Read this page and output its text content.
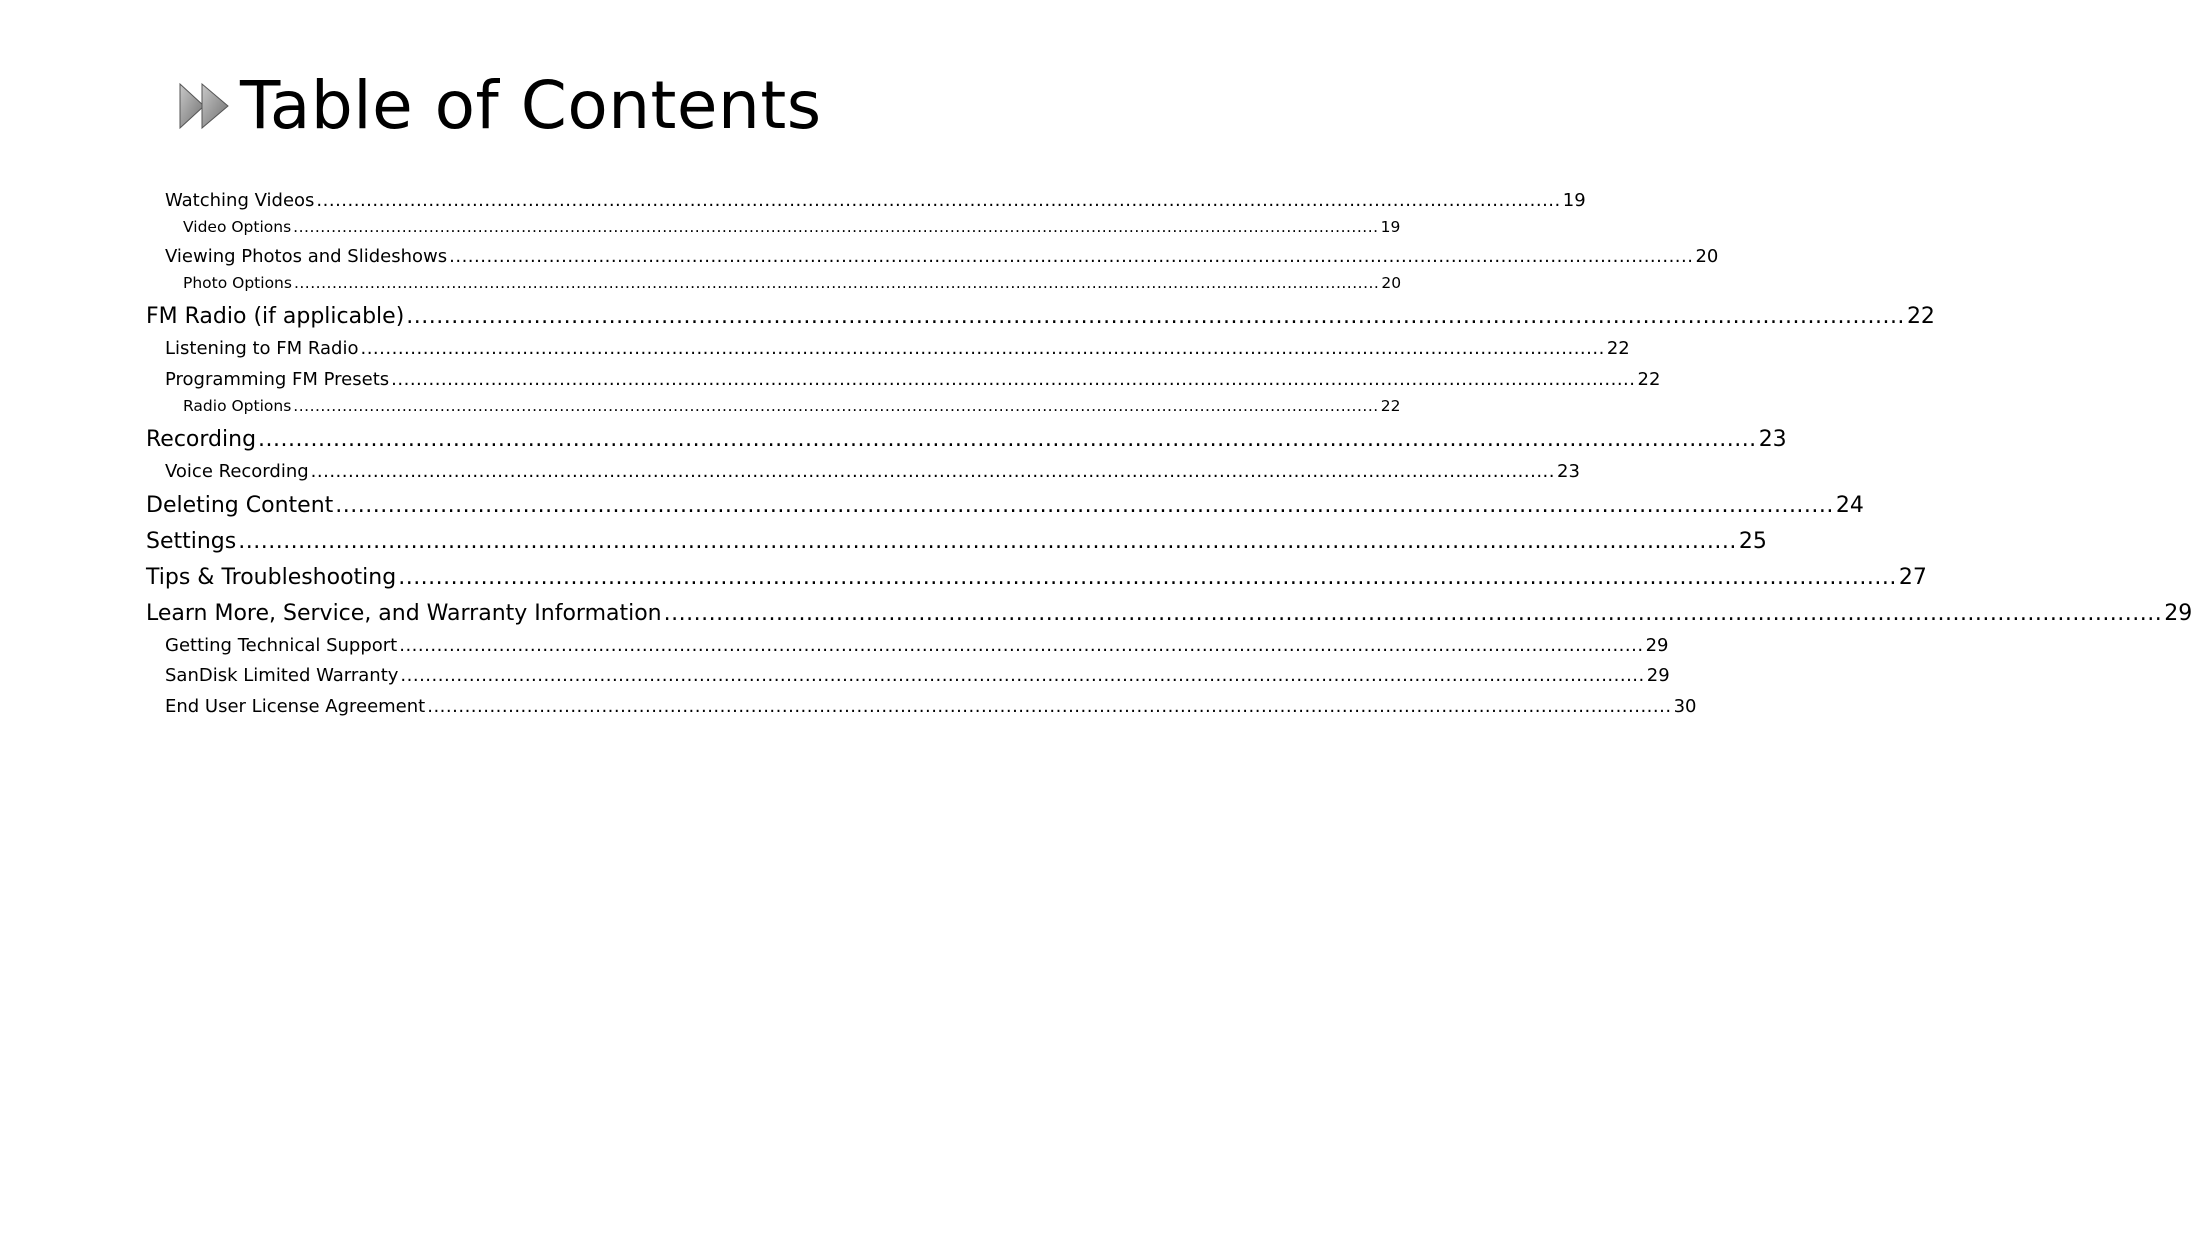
Table of Contents
Watching Videos ........................................................................................................................................................................................................ 19
Video Options ........................................................................................................................................................................................................ 19
Viewing Photos and Slideshows ........................................................................................................................................................................................................ 20
Photo Options ........................................................................................................................................................................................................ 20
FM Radio (if applicable) ........................................................................................................................................................................................................ 22
Listening to FM Radio ........................................................................................................................................................................................................ 22
Programming FM Presets ........................................................................................................................................................................................................ 22
Radio Options ........................................................................................................................................................................................................ 22
Recording ........................................................................................................................................................................................................ 23
Voice Recording ........................................................................................................................................................................................................ 23
Deleting Content ........................................................................................................................................................................................................ 24
Settings ........................................................................................................................................................................................................ 25
Tips & Troubleshooting ........................................................................................................................................................................................................ 27
Learn More, Service, and Warranty Information ........................................................................................................................................................................................................ 29
Getting Technical Support ........................................................................................................................................................................................................ 29
SanDisk Limited Warranty ........................................................................................................................................................................................................ 29
End User License Agreement ........................................................................................................................................................................................................ 30
